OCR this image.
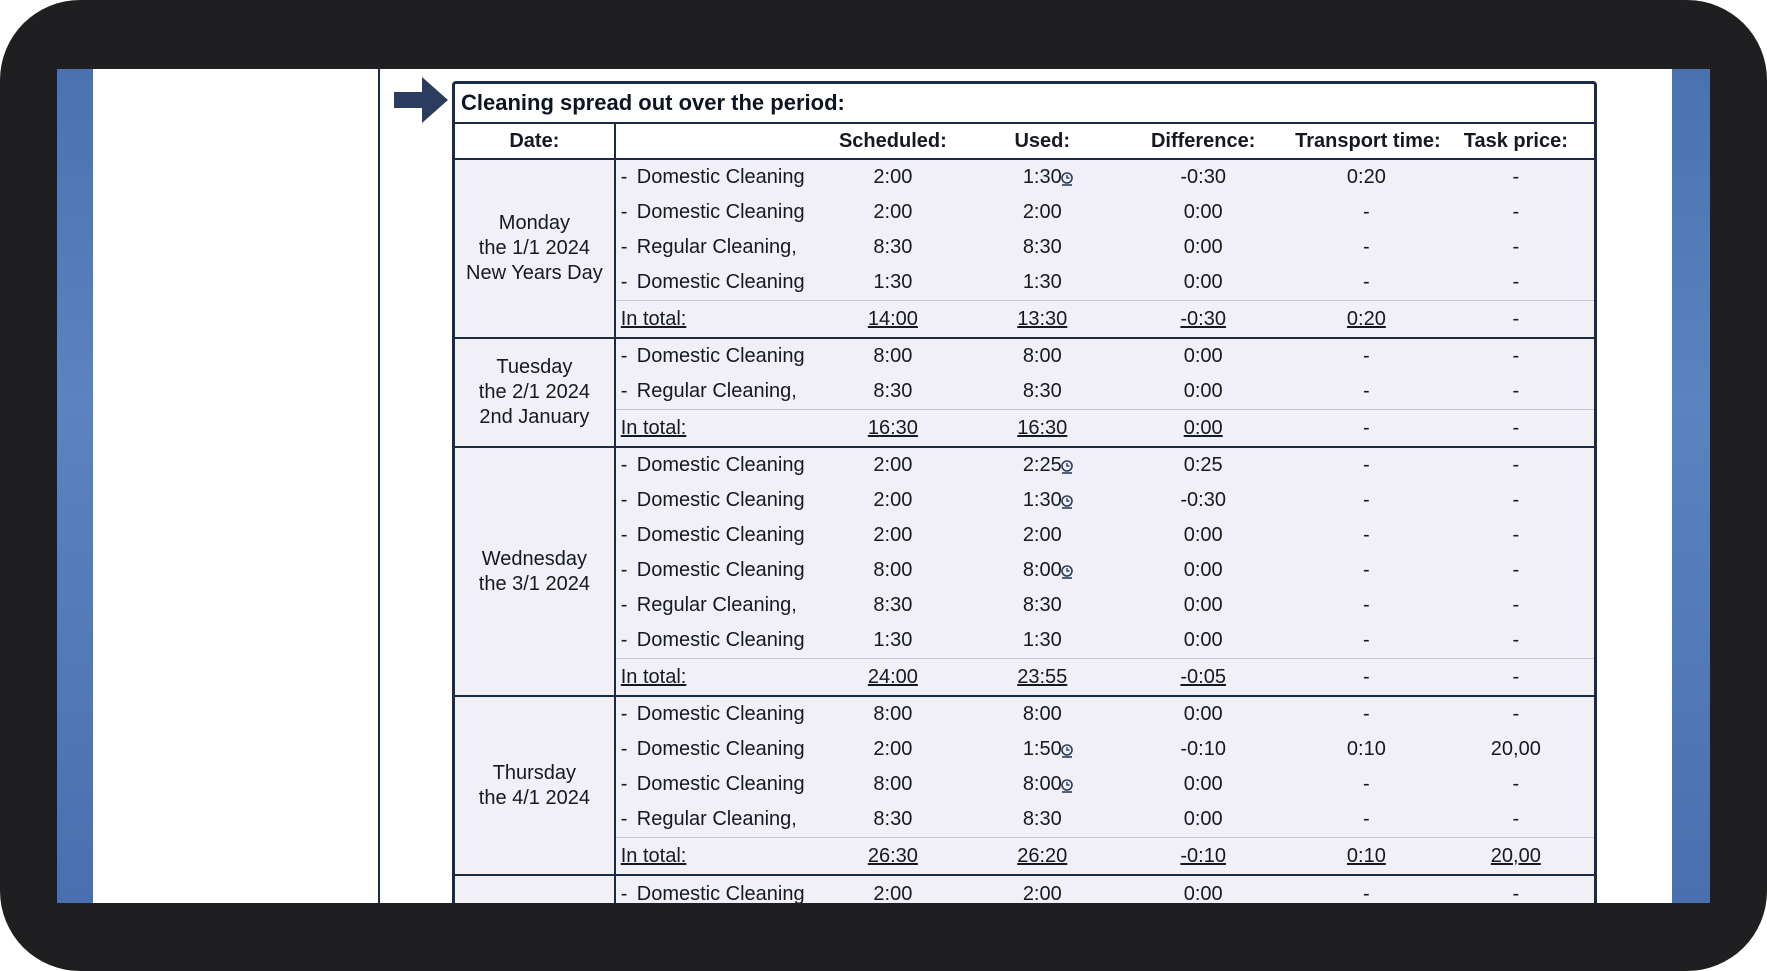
Cleaning spread out over the period:
Date:		Scheduled:	Used:	Difference:	Transport time:	Task price:

Monday
the 1/1 2024
New Years Day	- Domestic Cleaning	2:00	1:30	-0:30	0:20	-
	- Domestic Cleaning	2:00	2:00	0:00	-	-
	- Regular Cleaning,	8:30	8:30	0:00	-	-
	- Domestic Cleaning	1:30	1:30	0:00	-	-
	In total:	14:00	13:30	-0:30	0:20	-

Tuesday
the 2/1 2024
2nd January	- Domestic Cleaning	8:00	8:00	0:00	-	-
	- Regular Cleaning,	8:30	8:30	0:00	-	-
	In total:	16:30	16:30	0:00	-	-

Wednesday
the 3/1 2024	- Domestic Cleaning	2:00	2:25	0:25	-	-
	- Domestic Cleaning	2:00	1:30	-0:30	-	-
	- Domestic Cleaning	2:00	2:00	0:00	-	-
	- Domestic Cleaning	8:00	8:00	0:00	-	-
	- Regular Cleaning,	8:30	8:30	0:00	-	-
	- Domestic Cleaning	1:30	1:30	0:00	-	-
	In total:	24:00	23:55	-0:05	-	-

Thursday
the 4/1 2024	- Domestic Cleaning	8:00	8:00	0:00	-	-
	- Domestic Cleaning	2:00	1:50	-0:10	0:10	20,00
	- Domestic Cleaning	8:00	8:00	0:00	-	-
	- Regular Cleaning,	8:30	8:30	0:00	-	-
	In total:	26:30	26:20	-0:10	0:10	20,00
	- Domestic Cleaning	2:00	2:00	0:00	-	-
